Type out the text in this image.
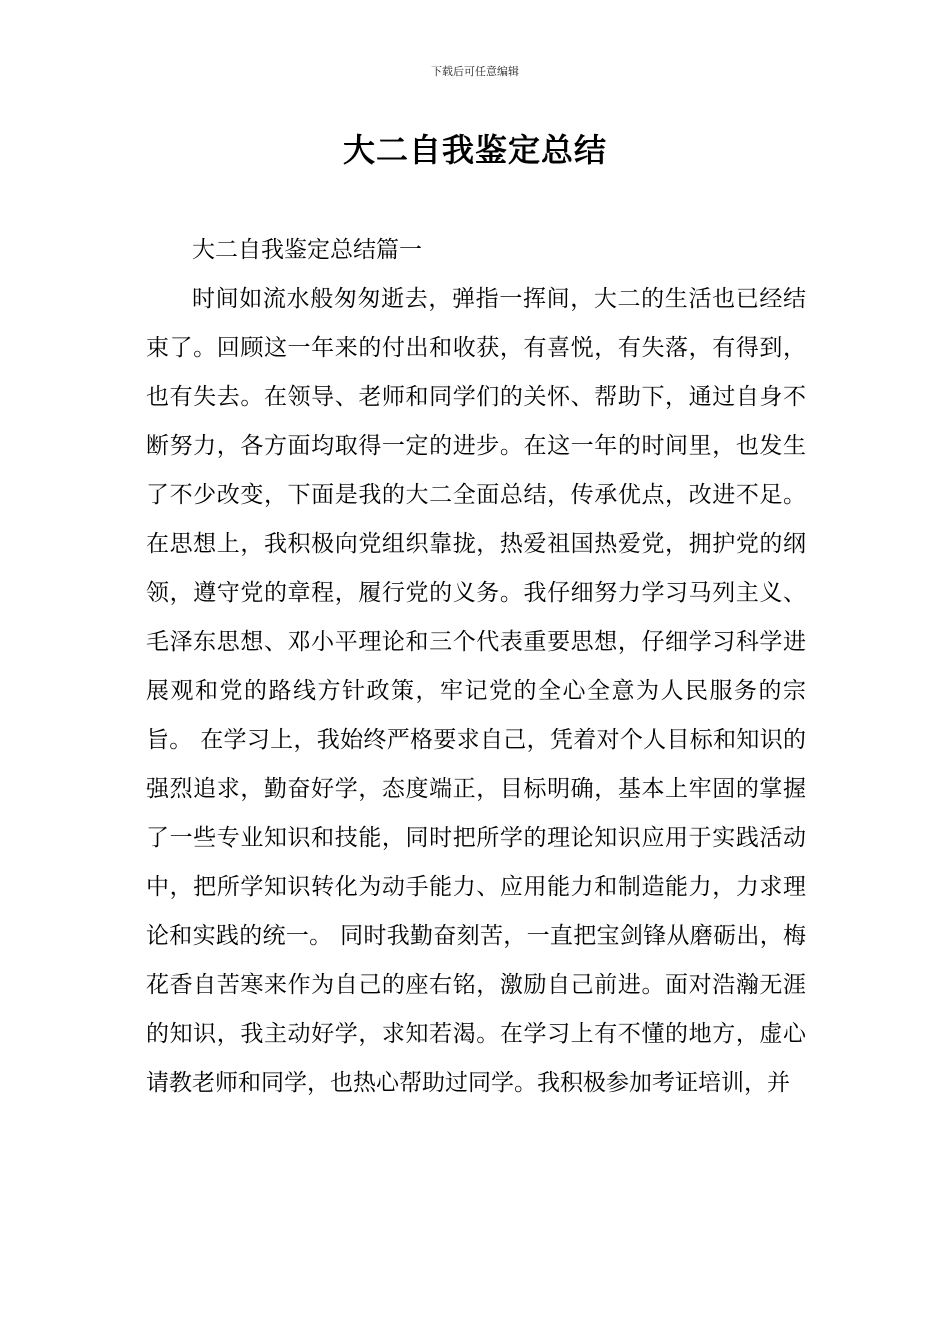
下载后可任意编辑
大二自我鉴定总结

大二自我鉴定总结篇一

时间如流水般匆匆逝去，弹指一挥间，大二的生活也已经结束了。回顾这一年来的付出和收获，有喜悦，有失落，有得到，也有失去。在领导、老师和同学们的关怀、帮助下，通过自身不断努力，各方面均取得一定的进步。在这一年的时间里，也发生了不少改变，下面是我的大二全面总结，传承优点，改进不足。 在思想上，我积极向党组织靠拢，热爱祖国热爱党，拥护党的纲领，遵守党的章程，履行党的义务。我仔细努力学习马列主义、毛泽东思想、邓小平理论和三个代表重要思想，仔细学习科学进展观和党的路线方针政策，牢记党的全心全意为人民服务的宗旨。 在学习上，我始终严格要求自己，凭着对个人目标和知识的强烈追求，勤奋好学，态度端正，目标明确，基本上牢固的掌握了一些专业知识和技能，同时把所学的理论知识应用于实践活动中，把所学知识转化为动手能力、应用能力和制造能力，力求理论和实践的统一。 同时我勤奋刻苦，一直把宝剑锋从磨砺出，梅花香自苦寒来作为自己的座右铭，激励自己前进。面对浩瀚无涯的知识，我主动好学，求知若渴。在学习上有不懂的地方，虚心请教老师和同学，也热心帮助过同学。我积极参加考证培训，并
